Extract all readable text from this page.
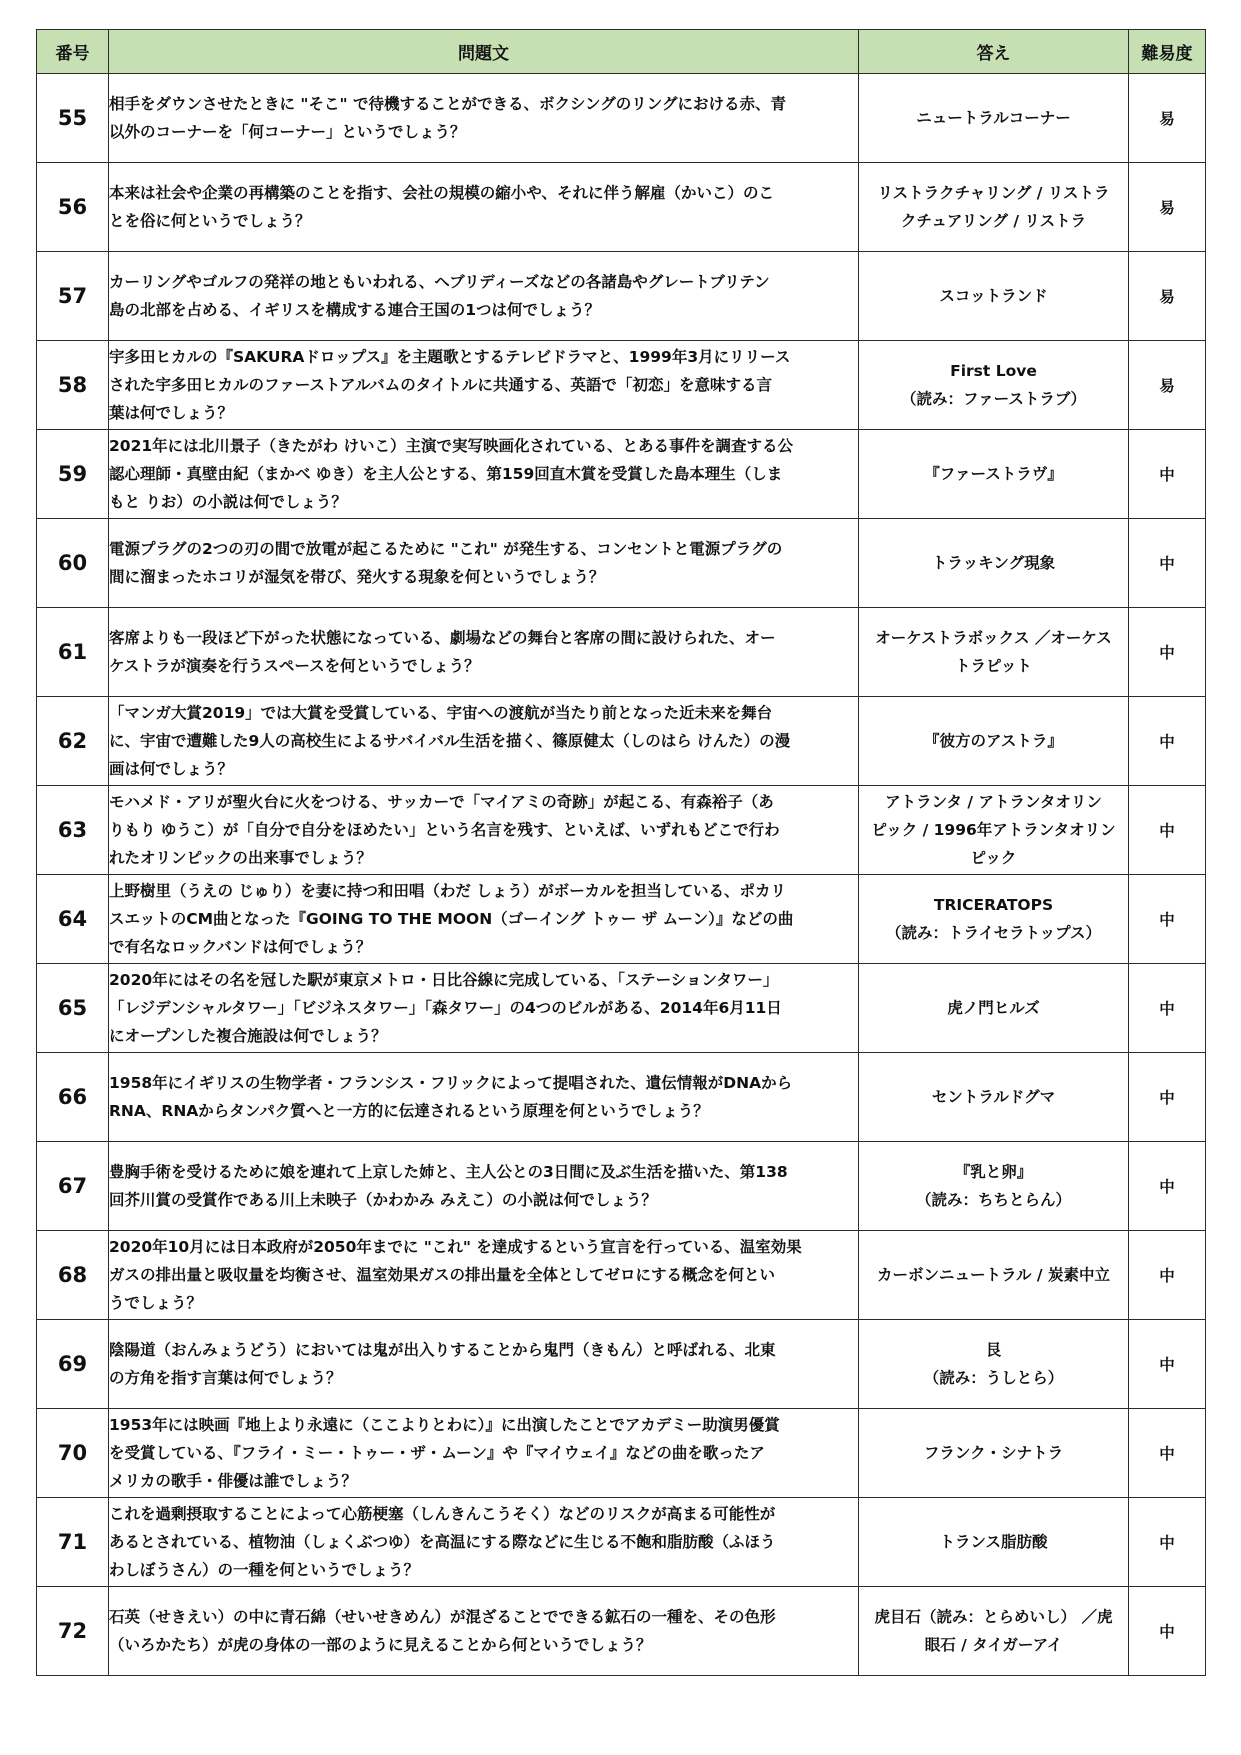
番号	問題文	答え	難易度
55	相手をダウンさせたときに "そこ" で待機することができる、ボクシングのリングにおける赤、青
以外のコーナーを「何コーナー」というでしょう？	ニュートラルコーナー	易
56	本来は社会や企業の再構築のことを指す、会社の規模の縮小や、それに伴う解雇（かいこ）のこ
とを俗に何というでしょう？	リストラクチャリング / リストラ
クチュアリング / リストラ	易
57	カーリングやゴルフの発祥の地ともいわれる、ヘブリディーズなどの各諸島やグレートブリテン
島の北部を占める、イギリスを構成する連合王国の1つは何でしょう？	スコットランド	易
58	宇多田ヒカルの『SAKURAドロップス』を主題歌とするテレビドラマと、1999年3月にリリース
された宇多田ヒカルのファーストアルバムのタイトルに共通する、英語で「初恋」を意味する言
葉は何でしょう？	First Love
（読み：ファーストラブ）	易
59	2021年には北川景子（きたがわ けいこ）主演で実写映画化されている、とある事件を調査する公
認心理師・真壁由紀（まかべ ゆき）を主人公とする、第159回直木賞を受賞した島本理生（しま
もと りお）の小説は何でしょう？	『ファーストラヴ』	中
60	電源プラグの2つの刃の間で放電が起こるために "これ" が発生する、コンセントと電源プラグの
間に溜まったホコリが湿気を帯び、発火する現象を何というでしょう？	トラッキング現象	中
61	客席よりも一段ほど下がった状態になっている、劇場などの舞台と客席の間に設けられた、オー
ケストラが演奏を行うスペースを何というでしょう？	オーケストラボックス ／オーケス
トラピット	中
62	「マンガ大賞2019」では大賞を受賞している、宇宙への渡航が当たり前となった近未来を舞台
に、宇宙で遭難した9人の高校生によるサバイバル生活を描く、篠原健太（しのはら けんた）の漫
画は何でしょう？	『彼方のアストラ』	中
63	モハメド・アリが聖火台に火をつける、サッカーで「マイアミの奇跡」が起こる、有森裕子（あ
りもり ゆうこ）が「自分で自分をほめたい」という名言を残す、といえば、いずれもどこで行わ
れたオリンピックの出来事でしょう？	アトランタ / アトランタオリン
ピック / 1996年アトランタオリン
ピック	中
64	上野樹里（うえの じゅり）を妻に持つ和田唱（わだ しょう）がボーカルを担当している、ポカリ
スエットのCM曲となった『GOING TO THE MOON（ゴーイング トゥー ザ ムーン）』などの曲
で有名なロックバンドは何でしょう？	TRICERATOPS
（読み：トライセラトップス）	中
65	2020年にはその名を冠した駅が東京メトロ・日比谷線に完成している、「ステーションタワー」
「レジデンシャルタワー」「ビジネスタワー」「森タワー」の4つのビルがある、2014年6月11日
にオープンした複合施設は何でしょう？	虎ノ門ヒルズ	中
66	1958年にイギリスの生物学者・フランシス・フリックによって提唱された、遺伝情報がDNAから
RNA、RNAからタンパク質へと一方的に伝達されるという原理を何というでしょう？	セントラルドグマ	中
67	豊胸手術を受けるために娘を連れて上京した姉と、主人公との3日間に及ぶ生活を描いた、第138
回芥川賞の受賞作である川上未映子（かわかみ みえこ）の小説は何でしょう？	『乳と卵』
（読み：ちちとらん）	中
68	2020年10月には日本政府が2050年までに "これ" を達成するという宣言を行っている、温室効果
ガスの排出量と吸収量を均衡させ、温室効果ガスの排出量を全体としてゼロにする概念を何とい
うでしょう？	カーボンニュートラル / 炭素中立	中
69	陰陽道（おんみょうどう）においては鬼が出入りすることから鬼門（きもん）と呼ばれる、北東
の方角を指す言葉は何でしょう？	艮
（読み：うしとら）	中
70	1953年には映画『地上より永遠に（ここよりとわに）』に出演したことでアカデミー助演男優賞
を受賞している、『フライ・ミー・トゥー・ザ・ムーン』や『マイウェイ』などの曲を歌ったア
メリカの歌手・俳優は誰でしょう？	フランク・シナトラ	中
71	これを過剰摂取することによって心筋梗塞（しんきんこうそく）などのリスクが高まる可能性が
あるとされている、植物油（しょくぶつゆ）を高温にする際などに生じる不飽和脂肪酸（ふほう
わしぼうさん）の一種を何というでしょう？	トランス脂肪酸	中
72	石英（せきえい）の中に青石綿（せいせきめん）が混ざることでできる鉱石の一種を、その色形
（いろかたち）が虎の身体の一部のように見えることから何というでしょう？	虎目石（読み：とらめいし） ／虎
眼石 / タイガーアイ	中
